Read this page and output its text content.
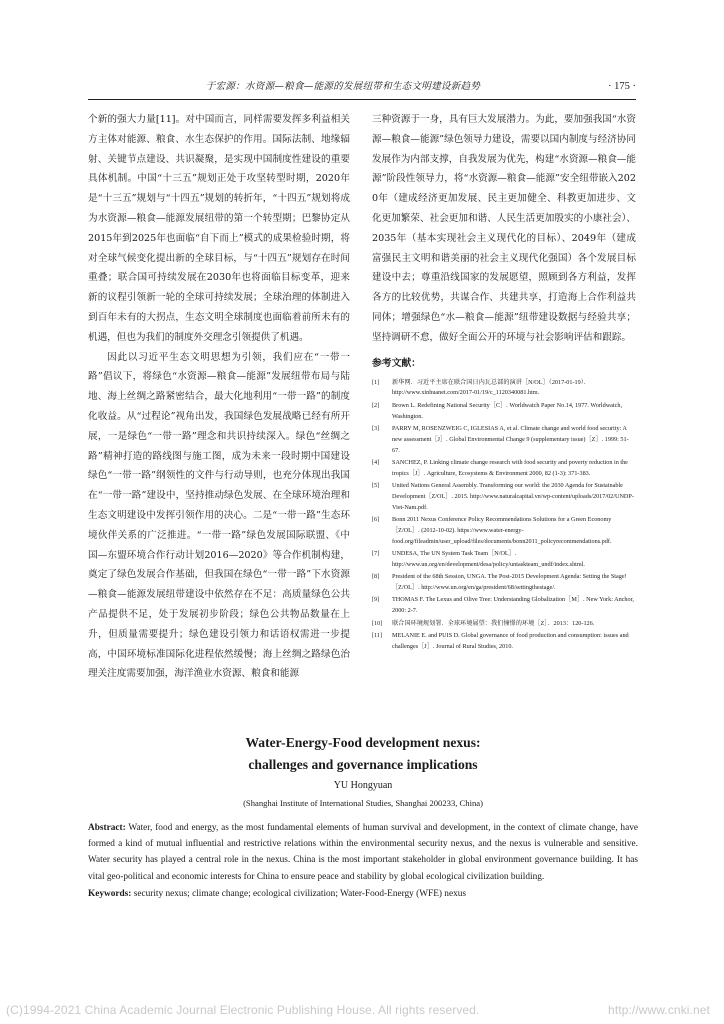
于宏源：水资源—粮食—能源的发展纽带和生态文明建设新趋势	· 175 ·

个新的强大力量[11]。对中国而言，同样需要发挥多利益相关方主体对能源、粮食、水生态保护的作用。国际法制、地缘辐射、关键节点建设、共识凝聚，是实现中国制度性建设的重要具体机制。中国“十三五”规划正处于攻坚转型时期，2020年是“十三五”规划与“十四五”规划的转折年，“十四五”规划将成为水资源—粮食—能源发展纽带的第一个转型期；巴黎协定从2015年到2025年也面临“自下而上”模式的成果检验时期，将对全球气候变化提出新的全球目标，与“十四五”规划存在时间重叠；联合国可持续发展在2030年也将面临目标变革，迎来新的议程引领新一轮的全球可持续发展；全球治理的体制进入到百年未有的大拐点，生态文明全球制度也面临着前所未有的机遇，但也为我们的制度外交理念引领提供了机遇。

因此以习近平生态文明思想为引领，我们应在“一带一路”倡议下，将绿色“水资源—粮食—能源”发展纽带布局与陆地、海上丝绸之路紧密结合，最大化地利用“一带一路”的制度化收益。从“过程论”视角出发，我国绿色发展战略已经有所开展，一是绿色“一带一路”理念和共识持续深入。绿色“丝绸之路”精神打造的路线图与施工图，成为未来一段时期中国建设绿色“一带一路”纲领性的文件与行动导则，也充分体现出我国在“一带一路”建设中，坚持推动绿色发展、在全球环境治理和生态文明建设中发挥引领作用的决心。二是“一带一路”生态环境伙伴关系的广泛推进。“一带一路”绿色发展国际联盟、《中国—东盟环境合作行动计划2016—2020》等合作机制构建，奠定了绿色发展合作基础，但我国在绿色“一带一路”下水资源—粮食—能源发展纽带建设中依然存在不足：高质量绿色公共产品提供不足，处于发展初步阶段；绿色公共物品数量在上升，但质量需要提升；绿色建设引领力和话语权需进一步提高，中国环境标准国际化进程依然缓慢；海上丝绸之路绿色治理关注度需要加强，海洋渔业水资源、粮食和能源

三种资源于一身，具有巨大发展潜力。为此，要加强我国“水资源—粮食—能源”绿色领导力建设，需要以国内制度与经济协同发展作为内部支撑，自我发展为优先，构建“水资源—粮食—能源”阶段性领导力，将“水资源—粮食—能源”安全纽带嵌入2020年（建成经济更加发展、民主更加健全、科教更加进步、文化更加繁荣、社会更加和谐、人民生活更加殷实的小康社会）、2035年（基本实现社会主义现代化的目标）、2049年（建成富强民主文明和谐美丽的社会主义现代化强国）各个发展目标建设中去；尊重沿线国家的发展愿望，照顾到各方利益，发挥各方的比较优势，共谋合作、共建共享，打造海上合作利益共同体；增强绿色“水—粮食—能源”纽带建设数据与经验共享；坚持调研不怠，做好全面公开的环境与社会影响评估和跟踪。

参考文献：
[1]	新华网．习近平主席在联合国日内瓦总部的演讲［N/OL］（2017-01-19）．http://www.xinhuanet.com/2017-01/19/c_1120340081.htm.
[2]	Brown L. Redefining National Security［C］. Worldwatch Paper No.14, 1977. Worldwatch, Washington.
[3]	PARRY M, ROSENZWEIG C, IGLESIAS A, et al. Climate change and world food security: A new assessment［J］. Global Environmental Change 9 (supplementary issue)［Z］. 1999: 51-67.
[4]	SANCHEZ, P. Linking climate change research with food security and poverty reduction in the tropics［J］. Agriculture, Ecosystems & Environment 2000, 82 (1-3): 371-383.
[5]	United Nations General Assembly. Transforming our world: the 2030 Agenda for Sustainable Development［Z/OL］. 2015. http://www.naturalcapital.vn/wp-content/uploads/2017/02/UNDP-Viet-Nam.pdf.
[6]	Bonn 2011 Nexus Conference Policy Recommendations Solutions for a Green Economy［Z/OL］. (2012-10-02). https://www.water-energy-food.org/fileadmin/user_upload/files/documents/bonn2011_policyrecommendations.pdf.
[7]	UNDESA, The UN System Task Team［N/OL］. http://www.un.org/en/development/desa/policy/untaskteam_undf/index.shtml.
[8]	President of the 68th Session, UNGA. The Post-2015 Development Agenda: Setting the Stage!［Z/OL］. http://www.un.org/en/ga/president/68/settingthestage/.
[9]	THOMAS F. The Lexus and Olive Tree: Understanding Globalization［M］. New York: Anchor, 2000: 2-7.
[10]	联合国环境规划署．全球环境展望：我们憧憬的环境［Z］．2013：120-126.
[11]	MELANIE E. and PUIS D. Global governance of food production and consumption: issues and challenges［J］. Journal of Rural Studies, 2010.
Water-Energy-Food development nexus:
challenges and governance implications
YU Hongyuan
(Shanghai Institute of International Studies, Shanghai 200233, China)
Abstract: Water, food and energy, as the most fundamental elements of human survival and development, in the context of climate change, have formed a kind of mutual influential and restrictive relations within the environmental security nexus, and the nexus is vulnerable and sensitive. Water security has played a central role in the nexus. China is the most important stakeholder in global environment governance building. It has vital geo-political and economic interests for China to ensure peace and stability by global ecological civilization building.
Keywords: security nexus; climate change; ecological civilization; Water-Food-Energy (WFE) nexus
(C)1994-2021 China Academic Journal Electronic Publishing House. All rights reserved.	http://www.cnki.net
